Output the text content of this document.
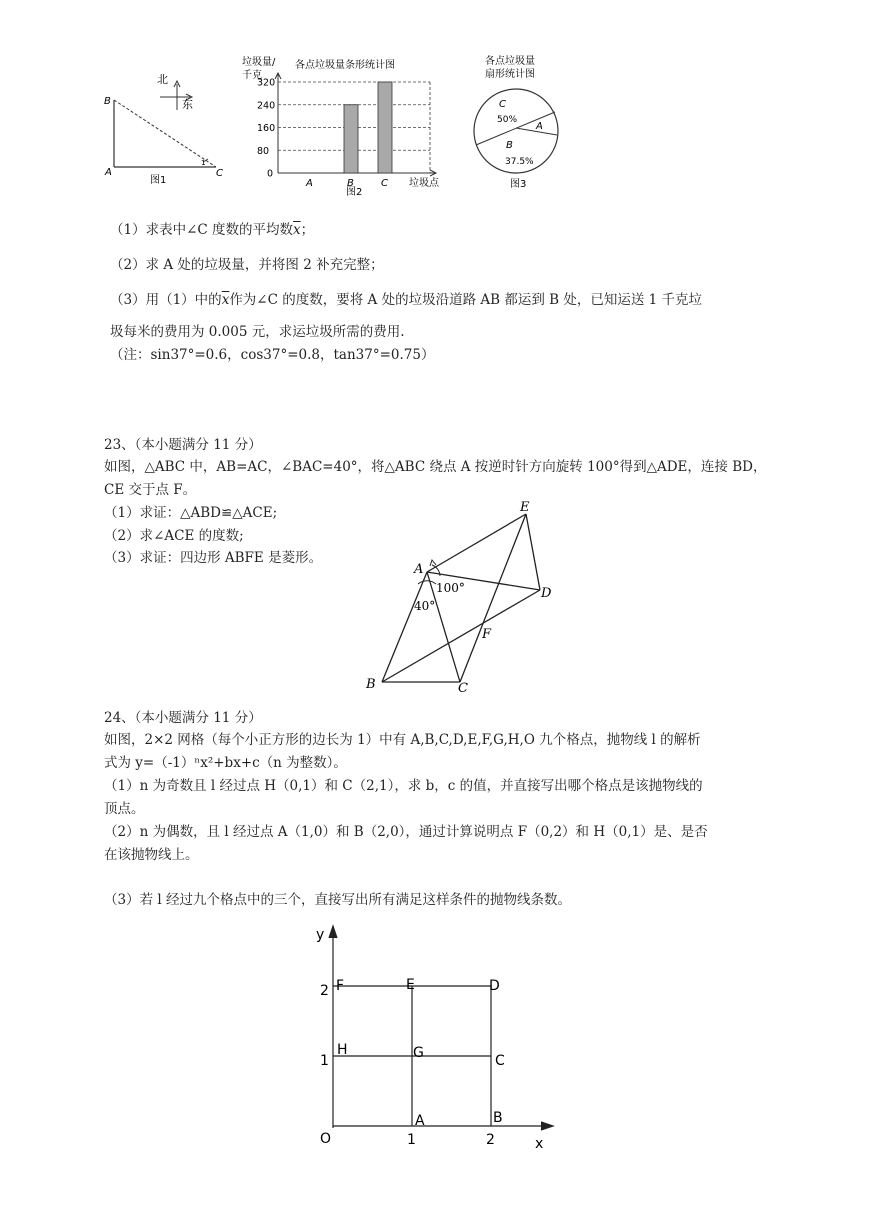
北
东
B
A	C
1
图1
垃圾量/
千克
各点垃圾量条形统计图
0
80
160
240
320
A	B	C 垃圾点
图2
各点垃圾量
扇形统计图
C
50%
A
B
37.5%
图3
（1）求表中∠C 度数的平均数$\overline{x}$；
（2）求 A 处的垃圾量，并将图 2 补充完整；
（3）用（1）中的$\overline{x}$作为∠C 的度数，要将 A 处的垃圾沿道路 AB 都运到 B 处，已知运送 1 千克垃
圾每米的费用为 0.005 元，求运垃圾所需的费用.
（注：sin37°=0.6，cos37°=0.8，tan37°=0.75）
23、（本小题满分 11 分）
如图，△ABC 中，AB=AC，∠BAC=40°，将△ABC 绕点 A 按逆时针方向旋转 100°得到△ADE，连接 BD，
CE 交于点 F。
（1）求证：△ABD≌△ACE;
（2）求∠ACE 的度数;
（3）求证：四边形 ABFE 是菱形。
E
A
100°
40°
D
F
B	C
24、（本小题满分 11 分）
如图，2×2 网格（每个小正方形的边长为 1）中有 A,B,C,D,E,F,G,H,O 九个格点，抛物线 l 的解析
式为 y=（-1）ⁿx²+bx+c（n 为整数）。
（1）n 为奇数且 l 经过点 H（0,1）和 C（2,1），求 b，c 的值，并直接写出哪个格点是该抛物线的
顶点。
（2）n 为偶数，且 l 经过点 A（1,0）和 B（2,0），通过计算说明点 F（0,2）和 H（0,1）是、是否
在该抛物线上。
（3）若 l 经过九个格点中的三个，直接写出所有满足这样条件的抛物线条数。
y
x
O	1	2
1
2 F	E	D
H	G	C
A	B
